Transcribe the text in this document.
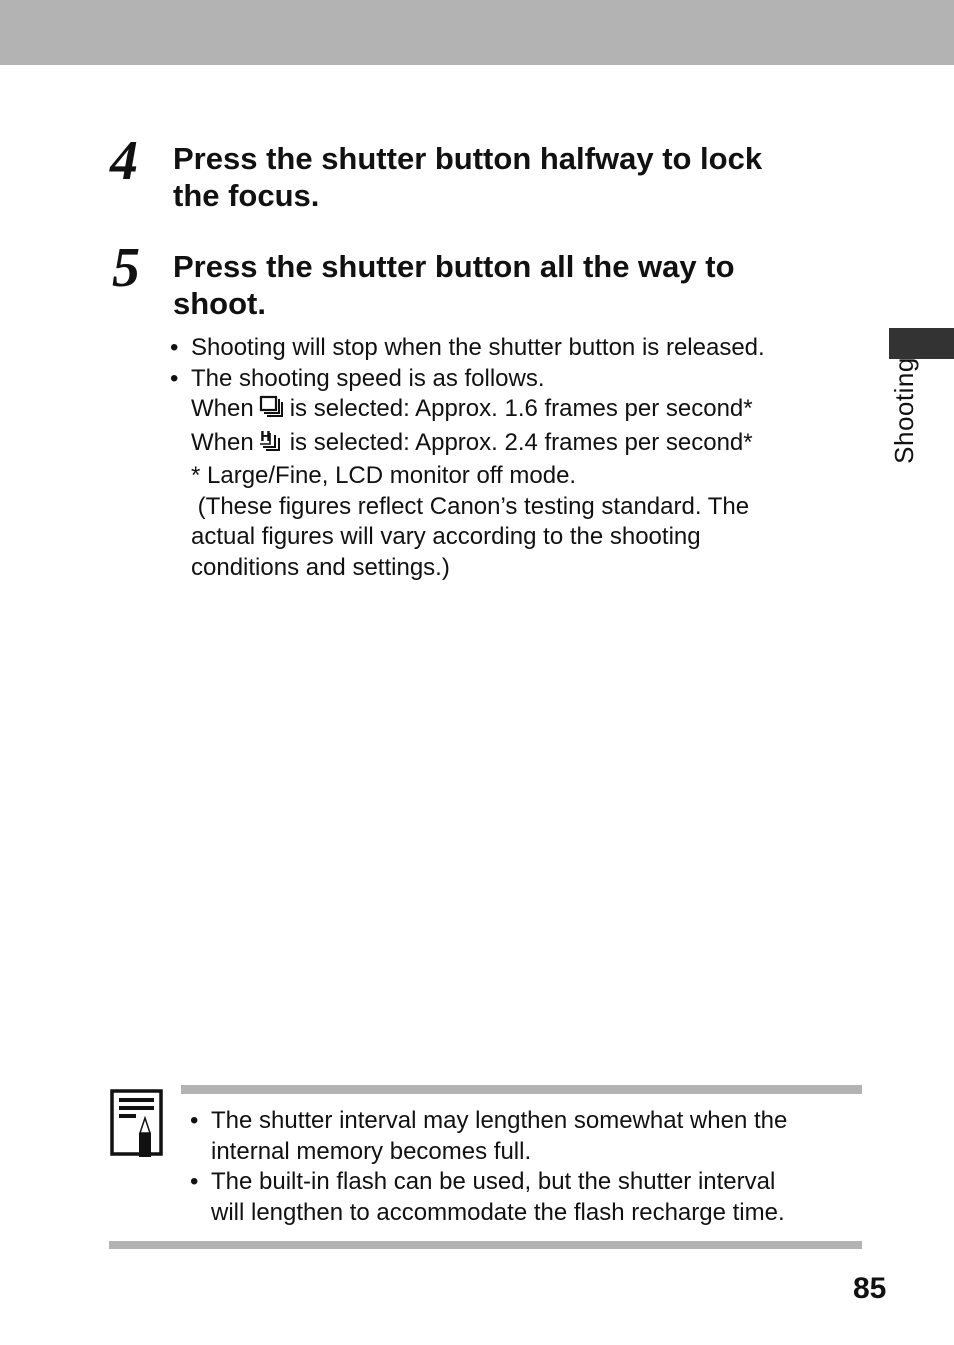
Shooting
4 Press the shutter button halfway to lock
the focus.
5 Press the shutter button all the way to
shoot.
• Shooting will stop when the shutter button is released.
• The shooting speed is as follows.
When is selected: Approx. 1.6 frames per second*
When H is selected: Approx. 2.4 frames per second*
* Large/Fine, LCD monitor off mode.
(These figures reflect Canon’s testing standard. The
actual figures will vary according to the shooting
conditions and settings.)
• The shutter interval may lengthen somewhat when the
internal memory becomes full.
• The built-in flash can be used, but the shutter interval
will lengthen to accommodate the flash recharge time.
85
